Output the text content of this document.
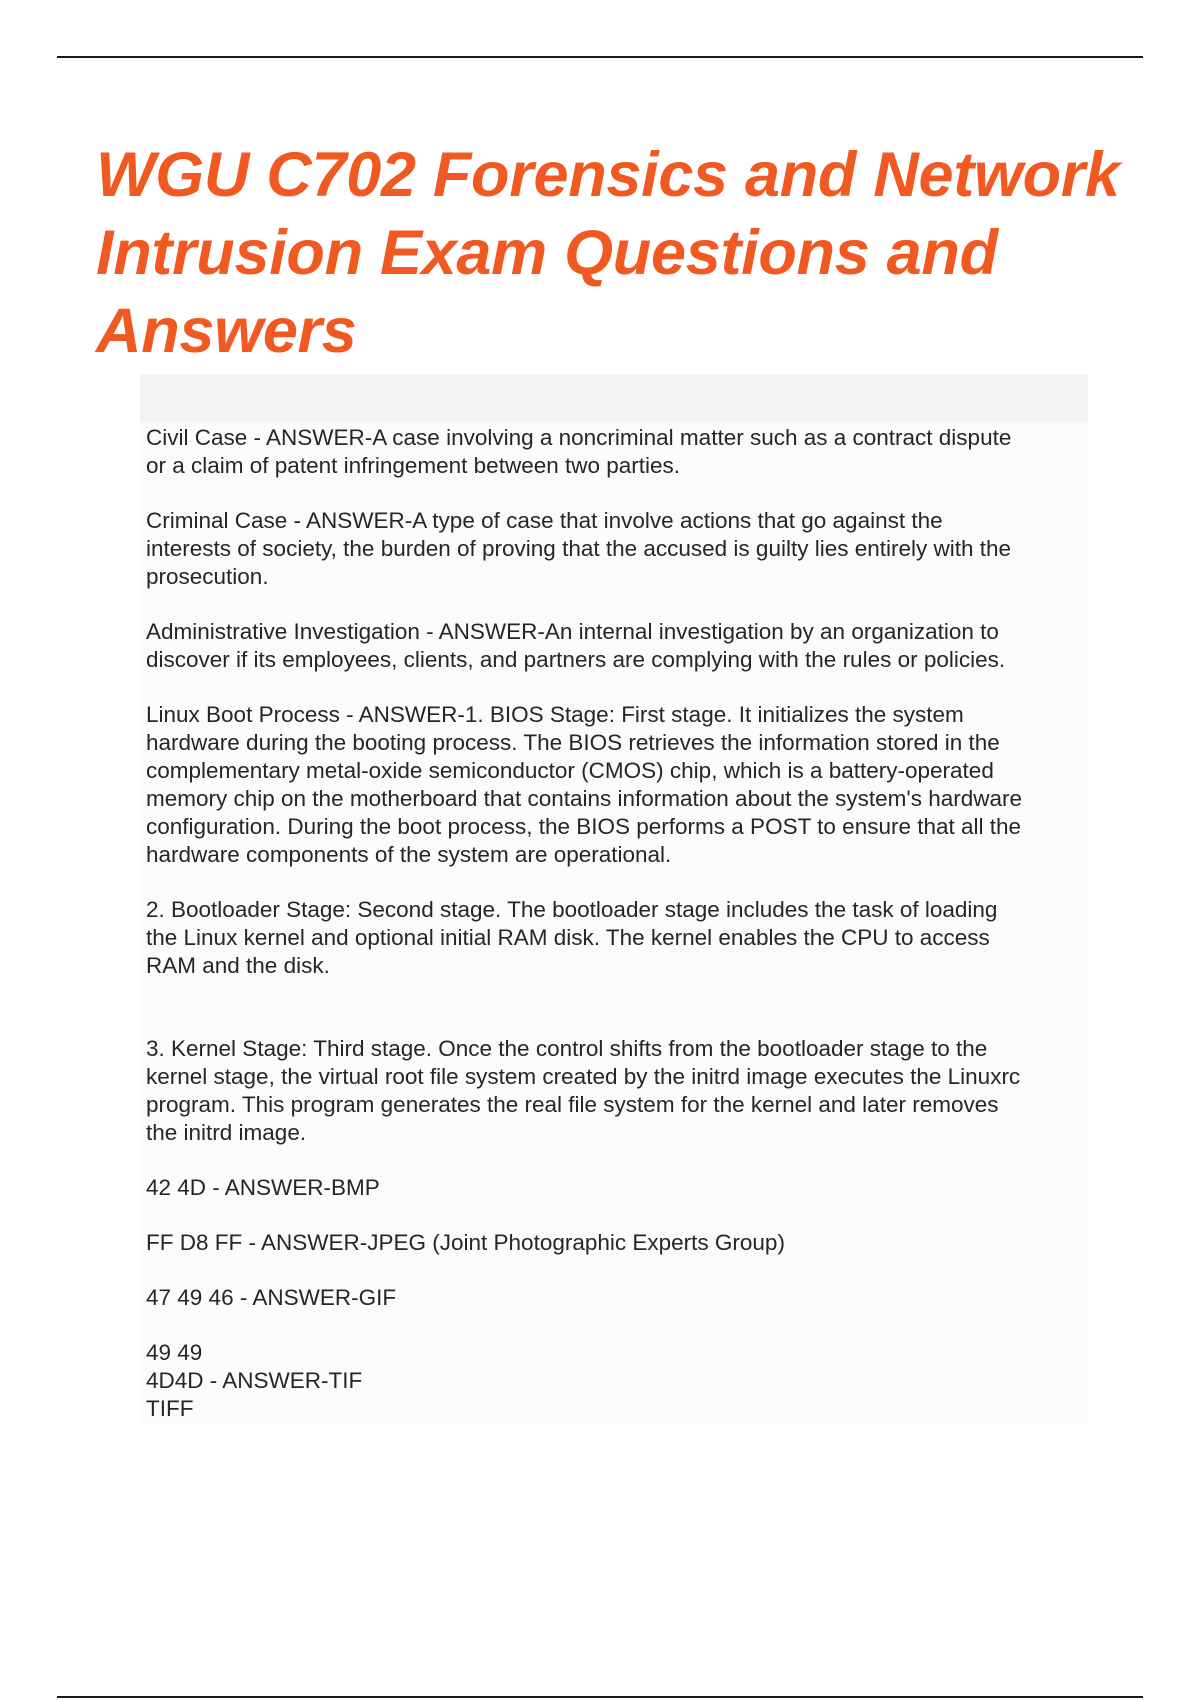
WGU C702 Forensics and Network
Intrusion Exam Questions and
Answers

Civil Case - ANSWER-A case involving a noncriminal matter such as a contract dispute
or a claim of patent infringement between two parties.

Criminal Case - ANSWER-A type of case that involve actions that go against the
interests of society, the burden of proving that the accused is guilty lies entirely with the
prosecution.

Administrative Investigation - ANSWER-An internal investigation by an organization to
discover if its employees, clients, and partners are complying with the rules or policies.

Linux Boot Process - ANSWER-1. BIOS Stage: First stage. It initializes the system
hardware during the booting process. The BIOS retrieves the information stored in the
complementary metal-oxide semiconductor (CMOS) chip, which is a battery-operated
memory chip on the motherboard that contains information about the system's hardware
configuration. During the boot process, the BIOS performs a POST to ensure that all the
hardware components of the system are operational.

2. Bootloader Stage: Second stage. The bootloader stage includes the task of loading
the Linux kernel and optional initial RAM disk. The kernel enables the CPU to access
RAM and the disk.

3. Kernel Stage: Third stage. Once the control shifts from the bootloader stage to the
kernel stage, the virtual root file system created by the initrd image executes the Linuxrc
program. This program generates the real file system for the kernel and later removes
the initrd image.

42 4D - ANSWER-BMP

FF D8 FF - ANSWER-JPEG (Joint Photographic Experts Group)

47 49 46 - ANSWER-GIF

49 49
4D4D - ANSWER-TIF
TIFF
